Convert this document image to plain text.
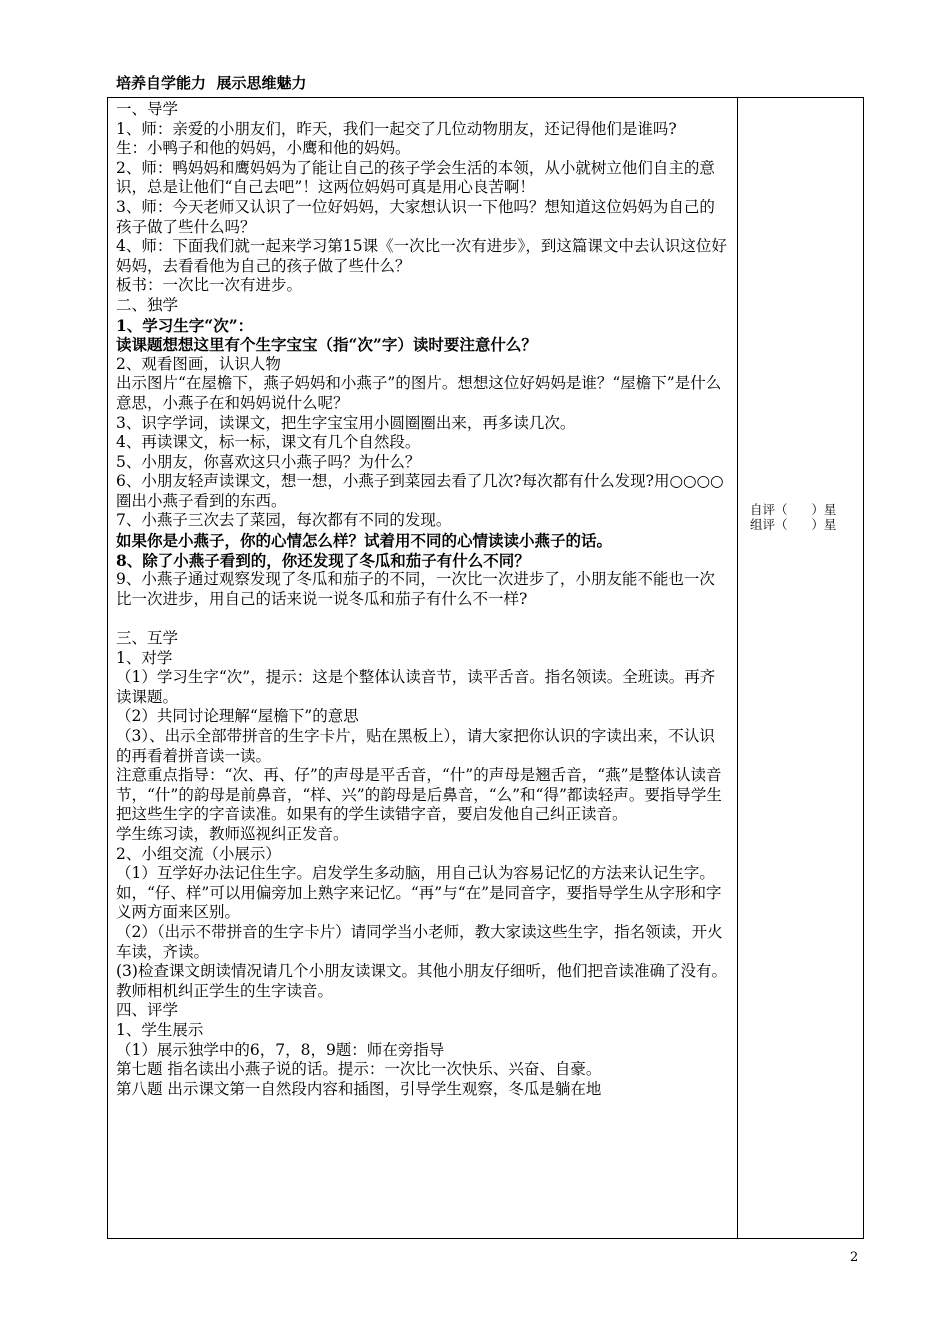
培养自学能力  展示思维魅力
一、导学
1、师：亲爱的小朋友们，昨天，我们一起交了几位动物朋友，还记得他们是谁吗?
生：小鸭子和他的妈妈，小鹰和他的妈妈。
2、师：鸭妈妈和鹰妈妈为了能让自己的孩子学会生活的本领，从小就树立他们自主的意识，总是让他们“自己去吧”！这两位妈妈可真是用心良苦啊！
3、师：今天老师又认识了一位好妈妈，大家想认识一下他吗？想知道这位妈妈为自己的孩子做了些什么吗？
4、师：下面我们就一起来学习第15课《一次比一次有进步》，到这篇课文中去认识这位好妈妈，去看看他为自己的孩子做了些什么？
板书：一次比一次有进步。
二、独学
1、学习生字“次”：
读课题想想这里有个生字宝宝（指“次”字）读时要注意什么？
2、观看图画，认识人物
出示图片“在屋檐下，燕子妈妈和小燕子”的图片。想想这位好妈妈是谁？“屋檐下”是什么意思，小燕子在和妈妈说什么呢？
3、识字学词，读课文，把生字宝宝用小圆圈圈出来，再多读几次。
4、再读课文，标一标，课文有几个自然段。
5、小朋友，你喜欢这只小燕子吗？为什么？
6、小朋友轻声读课文，想一想，小燕子到菜园去看了几次?每次都有什么发现?用○○○○圈出小燕子看到的东西。
7、小燕子三次去了菜园，每次都有不同的发现。
如果你是小燕子，你的心情怎么样？试着用不同的心情读读小燕子的话。
8、除了小燕子看到的，你还发现了冬瓜和茄子有什么不同？
9、小燕子通过观察发现了冬瓜和茄子的不同，一次比一次进步了，小朋友能不能也一次比一次进步，用自己的话来说一说冬瓜和茄子有什么不一样?
三、互学
1、对学
（1）学习生字“次”，提示：这是个整体认读音节，读平舌音。指名领读。全班读。再齐读课题。
（2）共同讨论理解“屋檐下”的意思
（3）、出示全部带拼音的生字卡片，贴在黑板上），请大家把你认识的字读出来，不认识的再看着拼音读一读。
注意重点指导：“次、再、仔”的声母是平舌音，“什”的声母是翘舌音，“燕”是整体认读音节，“什”的韵母是前鼻音，“样、兴”的韵母是后鼻音，“么”和“得”都读轻声。要指导学生把这些生字的字音读准。如果有的学生读错字音，要启发他自己纠正读音。
学生练习读，教师巡视纠正发音。
2、小组交流（小展示）
（1）互学好办法记住生字。启发学生多动脑，用自己认为容易记忆的方法来认记生字。如，“仔、样”可以用偏旁加上熟字来记忆。“再”与“在”是同音字，要指导学生从字形和字义两方面来区别。
（2）（出示不带拼音的生字卡片）请同学当小老师，教大家读这些生字，指名领读，开火车读，齐读。
(3)检查课文朗读情况请几个小朋友读课文。其他小朋友仔细听，他们把音读准确了没有。
教师相机纠正学生的生字读音。
四、评学
1、学生展示
（1）展示独学中的6，7，8，9题：师在旁指导
第七题 指名读出小燕子说的话。提示：一次比一次快乐、兴奋、自豪。
第八题 出示课文第一自然段内容和插图，引导学生观察，冬瓜是躺在地
自评（      ）星
组评（      ）星
2
